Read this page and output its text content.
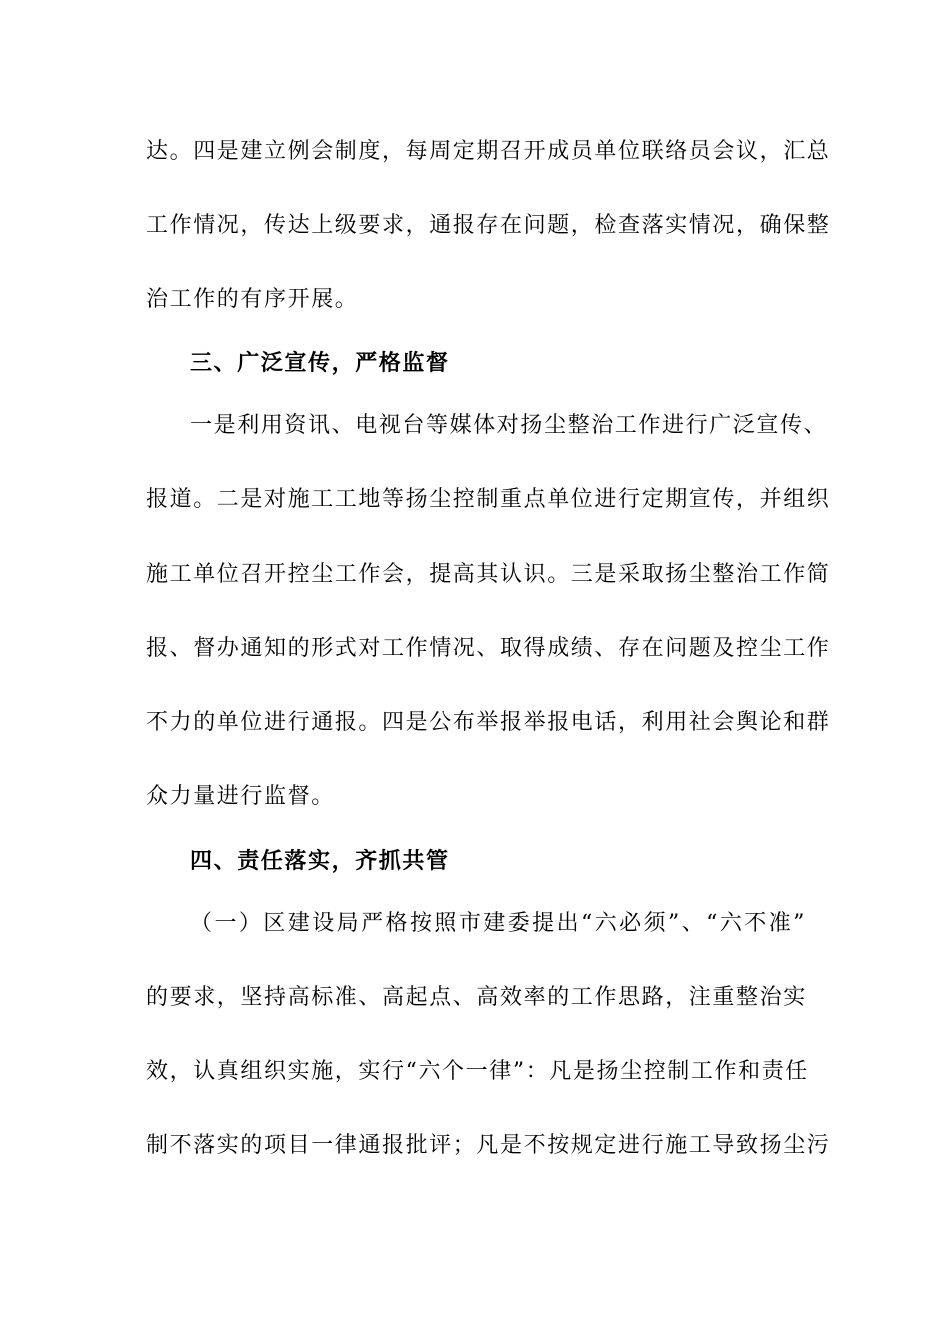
达。四是建立例会制度，每周定期召开成员单位联络员会议，汇总
工作情况，传达上级要求，通报存在问题，检查落实情况，确保整
治工作的有序开展。
三、广泛宣传，严格监督
一是利用资讯、电视台等媒体对扬尘整治工作进行广泛宣传、
报道。二是对施工工地等扬尘控制重点单位进行定期宣传，并组织
施工单位召开控尘工作会，提高其认识。三是采取扬尘整治工作简
报、督办通知的形式对工作情况、取得成绩、存在问题及控尘工作
不力的单位进行通报。四是公布举报举报电话，利用社会舆论和群
众力量进行监督。
四、责任落实，齐抓共管
（一）区建设局严格按照市建委提出“六必须”、“六不准”
的要求，坚持高标准、高起点、高效率的工作思路，注重整治实
效，认真组织实施，实行“六个一律”：凡是扬尘控制工作和责任
制不落实的项目一律通报批评；凡是不按规定进行施工导致扬尘污
